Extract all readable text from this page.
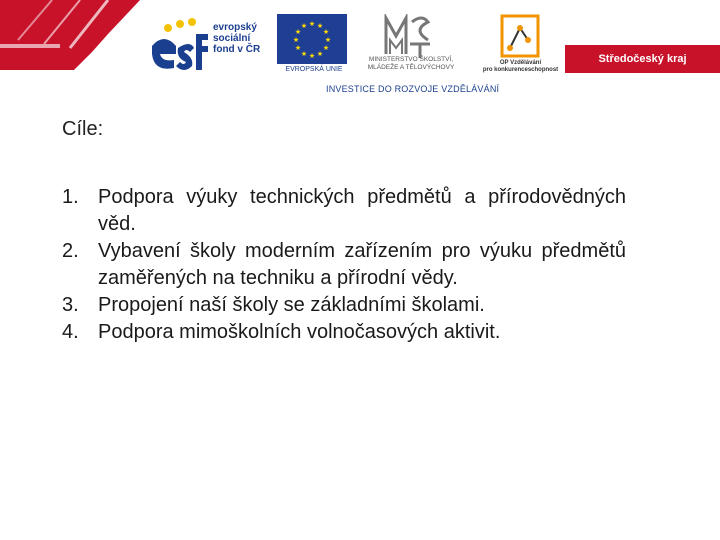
evropský
sociální
fond v ČR
★ ★
★
★
★
★
★
★
★
★
★
★
EVROPSKÁ UNIE
MINISTERSTVO ŠKOLSTVÍ,
MLÁDEŽE A TĚLOVÝCHOVY
OP Vzdělávání
pro konkurenceschopnost
Středočeský kraj
INVESTICE DO ROZVOJE VZDĚLÁVÁNÍ
Cíle:
1. Podpora výuky technických předmětů a přírodovědných věd.
2. Vybavení školy moderním zařízením pro výuku předmětů zaměřených na techniku a přírodní vědy.
3. Propojení naší školy se základními školami.
4. Podpora mimoškolních volnočasových aktivit.
